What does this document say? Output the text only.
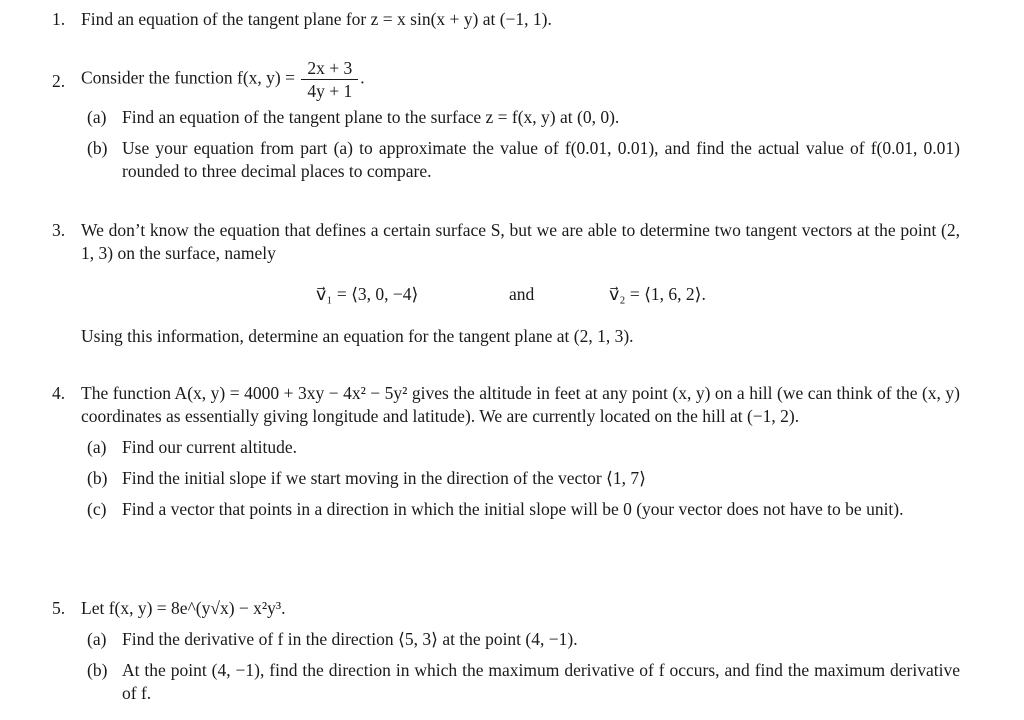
1. Find an equation of the tangent plane for z = x sin(x + y) at (−1, 1).
2. Consider the function f(x, $y) = \frac{2x + 3}{4y + 1}$ .
(a) Find an equation of the tangent plane to the surface z = f(x, y) at (0, 0).
(b) Use your equation from part (a) to approximate the value of f(0.01, 0.01), and find the actual value of f(0.01, 0.01) rounded to three decimal places to compare.
3. We don’t know the equation that defines a certain surface S, but we are able to determine two tangent vectors at the point (2, 1, 3) on the surface, namely
v⃗₁ = ⟨3, 0, −4⟩	and	v⃗₂ = ⟨1, 6, 2⟩.
Using this information, determine an equation for the tangent plane at (2, 1, 3).
4. The function A(x, y) = 4000 + 3xy − 4x² − 5y² gives the altitude in feet at any point (x, y) on a hill (we can think of the (x, y) coordinates as essentially giving longitude and latitude). We are currently located on the hill at (−1, 2).
(a) Find our current altitude.
(b) Find the initial slope if we start moving in the direction of the vector ⟨1, 7⟩
(c) Find a vector that points in a direction in which the initial slope will be 0 (your vector does not have to be unit).
5. Let f(x, y) = 8e^(y√x) − x²y³.
(a) Find the derivative of f in the direction ⟨5, 3⟩ at the point (4, −1).
(b) At the point (4, −1), find the direction in which the maximum derivative of f occurs, and find the maximum derivative of f.
